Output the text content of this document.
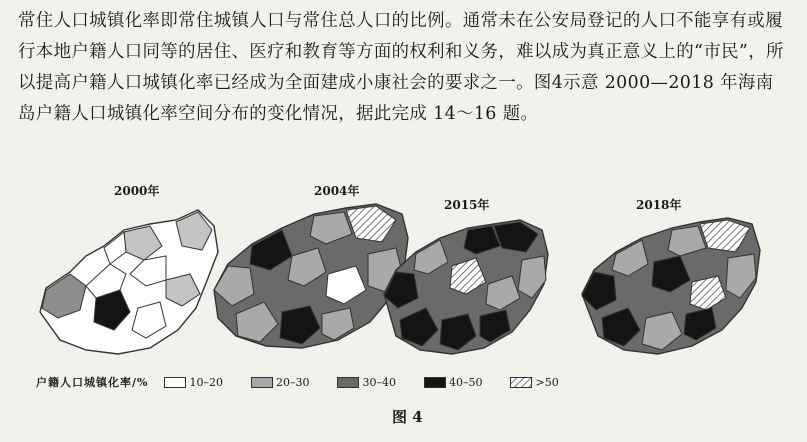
常住人口城镇化率即常住城镇人口与常住总人口的比例。通常未在公安局登记的人口不能享有或履行本地户籍人口同等的居住、医疗和教育等方面的权利和义务，难以成为真正意义上的“市民”，所以提高户籍人口城镇化率已经成为全面建成小康社会的要求之一。图4示意 2000—2018 年海南岛户籍人口城镇化率空间分布的变化情况，据此完成 14～16 题。

2000年	2004年
2015年	2018年
户籍人口城镇化率/%	10–20	20–30	30–40	40–50	>50
图 4
